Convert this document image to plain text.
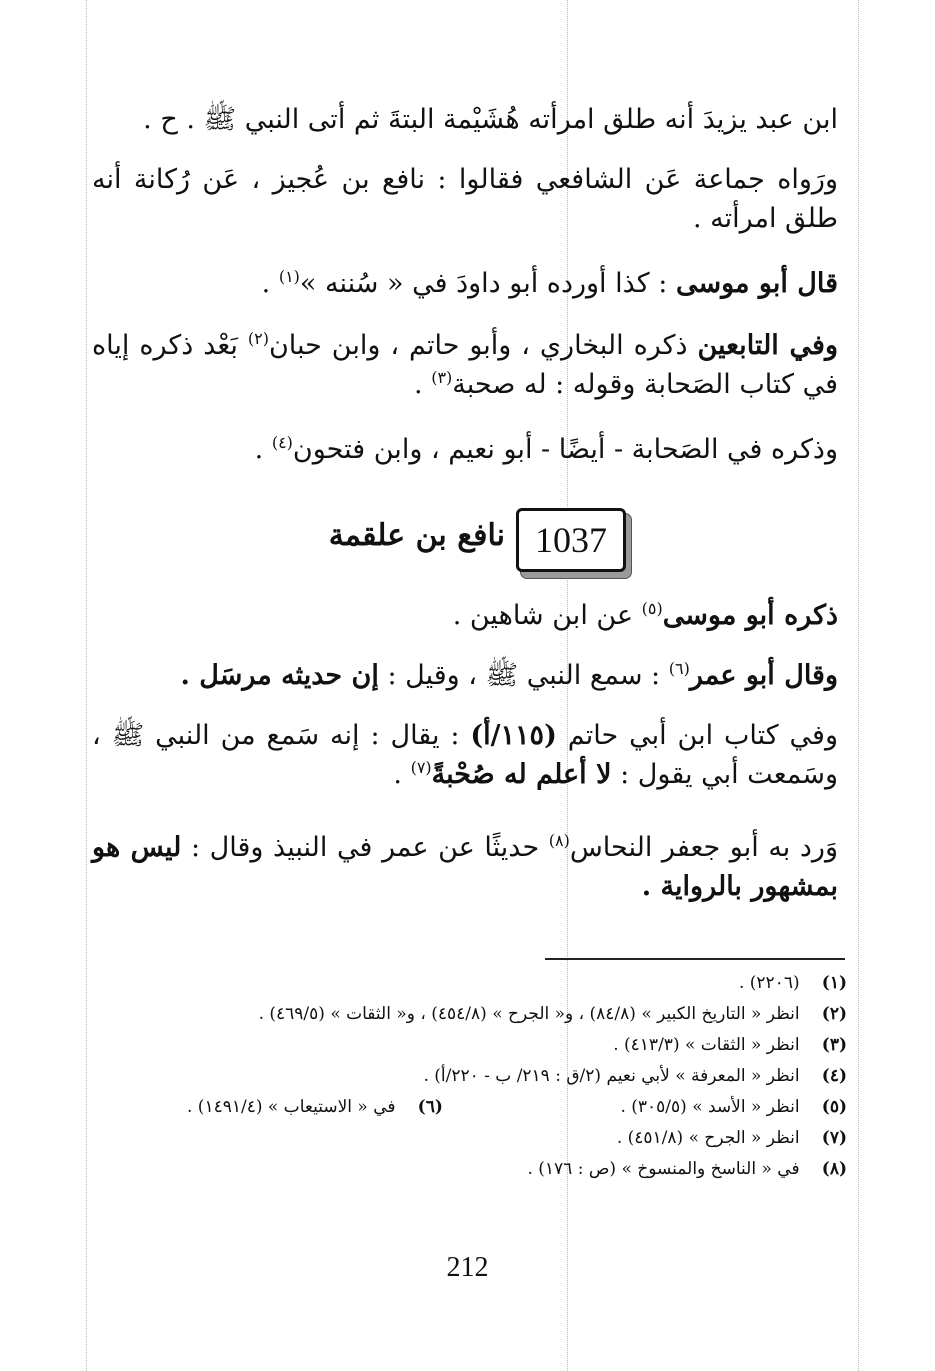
ابن عبد يزيدَ أنه طلق امرأته هُشَيْمة البتةَ ثم أتى النبي ﷺ . ح .
ورَواه جماعة عَن الشافعي فقالوا : نافع بن عُجيز ، عَن رُكانة أنه طلق امرأته .
قال أبو موسى : كذا أورده أبو داودَ في « سُننه »$^{(١)}$ .
وفي التابعين ذكره البخاري ، وأبو حاتم ، وابن حبان$^{(٢)}$ بَعْد ذكره إياه في كتاب الصَحابة وقوله : له صحبة$^{(٣)}$ .
وذكره في الصَحابة - أيضًا - أبو نعيم ، وابن فتحون$^{(٤)}$ .
1037
نافع بن علقمة
ذكره أبو موسى$^{(٥)}$ عن ابن شاهين .
وقال أبو عمر$^{(٦)}$ : سمع النبي ﷺ ، وقيل : إن حديثه مرسَل .
وفي كتاب ابن أبي حاتم (١١٥/أ) : يقال : إنه سَمع من النبي ﷺ ، وسَمعت أبي يقول : لا أعلم له صُحْبةً$^{(٧)}$ .
وَرد به أبو جعفر النحاس$^{(٨)}$ حديثًا عن عمر في النبيذ وقال : ليس هو بمشهور بالرواية .
(١) (٢٢٠٦) .
(٢) انظر « التاريخ الكبير » (٨٤/٨) ، و« الجرح » (٤٥٤/٨) ، و« الثقات » (٤٦٩/٥) .
(٣) انظر « الثقات » (٤١٣/٣) .
(٤) انظر « المعرفة » لأبي نعيم (٢/ق : ٢١٩/ ب - ٢٢٠/أ) .
(٥) انظر « الأسد » (٣٠٥/٥) .
(٦) في « الاستيعاب » (١٤٩١/٤) .
(٧) انظر « الجرح » (٤٥١/٨) .
(٨) في « الناسخ والمنسوخ » (ص : ١٧٦) .
212
